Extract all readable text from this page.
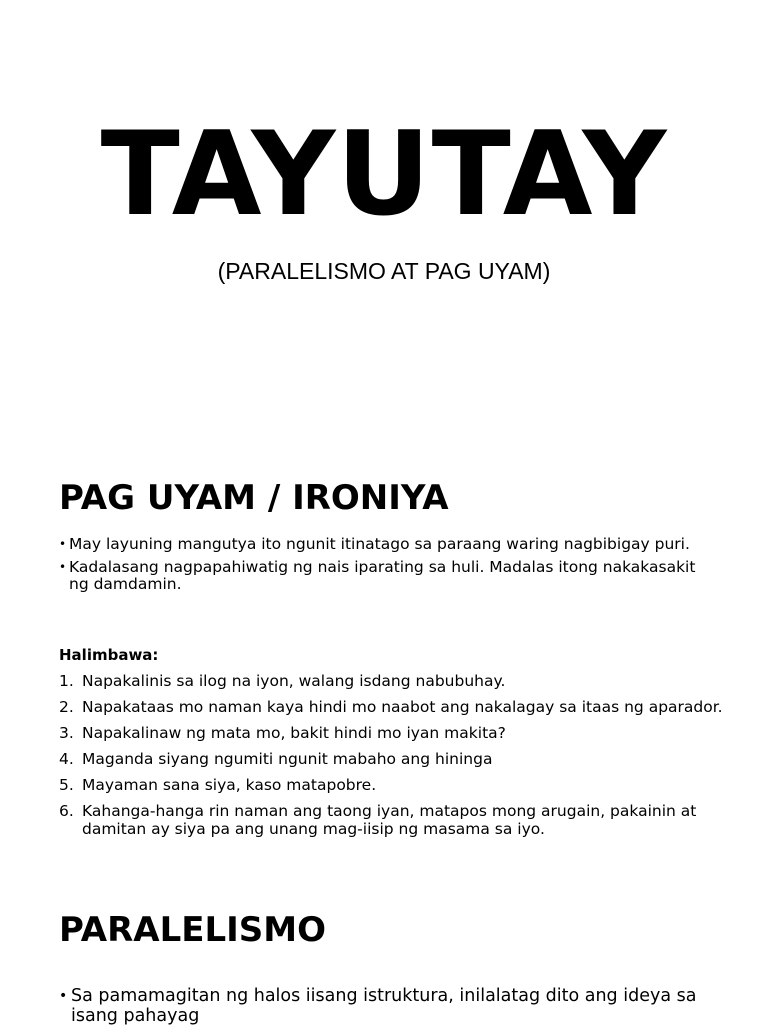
TAYUTAY

(PARALELISMO AT PAG UYAM)

PAG UYAM / IRONIYA
• May layuning mangutya ito ngunit itinatago sa paraang waring nagbibigay puri.
• Kadalasang nagpapahiwatig ng nais iparating sa huli. Madalas itong nakakasakit ng damdamin.

Halimbawa:

1. Napakalinis sa ilog na iyon, walang isdang nabubuhay.
2. Napakataas mo naman kaya hindi mo naabot ang nakalagay sa itaas ng aparador.
3. Napakalinaw ng mata mo, bakit hindi mo iyan makita?
4. Maganda siyang ngumiti ngunit mabaho ang hininga
5. Mayaman sana siya, kaso matapobre.
6. Kahanga-hanga rin naman ang taong iyan, matapos mong arugain, pakainin at damitan ay siya pa ang unang mag-iisip ng masama sa iyo.
PARALELISMO
• Sa pamamagitan ng halos iisang istruktura, inilalatag dito ang ideya sa isang pahayag
